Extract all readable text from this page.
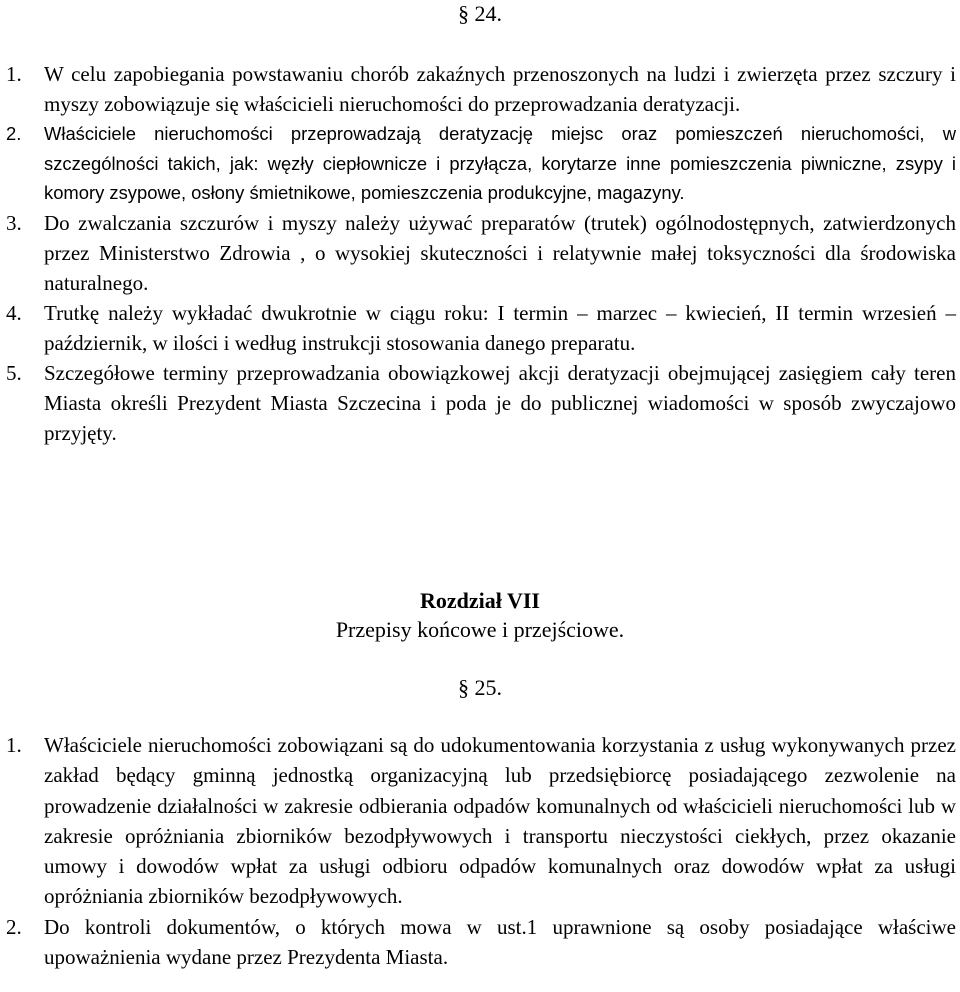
§ 24.
1.	W celu zapobiegania powstawaniu chorób zakaźnych przenoszonych na ludzi i zwierzęta przez szczury i myszy zobowiązuje się właścicieli nieruchomości do przeprowadzania deratyzacji.
2.	Właściciele nieruchomości przeprowadzają deratyzację miejsc oraz pomieszczeń nieruchomości, w szczególności takich, jak: węzły ciepłownicze i przyłącza, korytarze inne pomieszczenia piwniczne, zsypy i komory zsypowe, osłony śmietnikowe, pomieszczenia produkcyjne, magazyny.
3.	Do zwalczania szczurów i myszy należy używać preparatów (trutek) ogólnodostępnych, zatwierdzonych przez Ministerstwo Zdrowia , o wysokiej skuteczności i relatywnie małej toksyczności dla środowiska naturalnego.
4.	Trutkę należy wykładać dwukrotnie w ciągu roku: I termin – marzec – kwiecień, II termin wrzesień – październik, w ilości i według instrukcji stosowania danego preparatu.
5.	Szczegółowe terminy przeprowadzania obowiązkowej akcji deratyzacji obejmującej zasięgiem cały teren Miasta określi Prezydent Miasta Szczecina i poda je do publicznej wiadomości w sposób zwyczajowo przyjęty.
Rozdział VII
Przepisy końcowe i przejściowe.
§ 25.
1.	Właściciele nieruchomości zobowiązani są do udokumentowania korzystania z usług wykonywanych przez zakład będący gminną jednostką organizacyjną lub przedsiębiorcę posiadającego zezwolenie na prowadzenie działalności w zakresie odbierania odpadów komunalnych od właścicieli nieruchomości lub w zakresie opróżniania zbiorników bezodpływowych i transportu nieczystości ciekłych, przez okazanie umowy i dowodów wpłat za usługi odbioru odpadów komunalnych oraz dowodów wpłat za usługi opróżniania zbiorników bezodpływowych.
2.	Do kontroli dokumentów, o których mowa w ust.1 uprawnione są osoby posiadające właściwe upoważnienia wydane przez Prezydenta Miasta.
